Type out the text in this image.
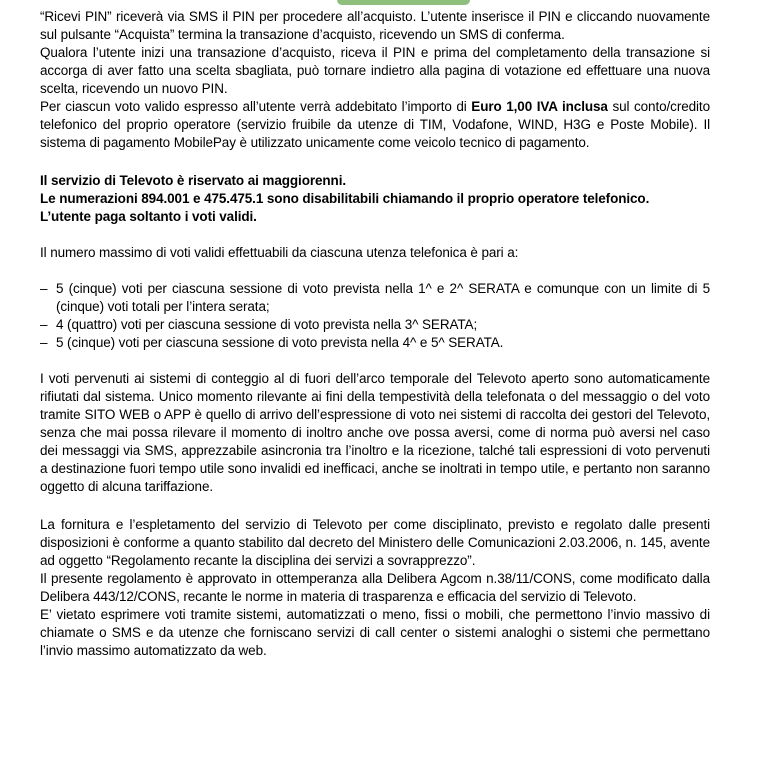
“Ricevi PIN” riceverà via SMS il PIN per procedere all’acquisto. L’utente inserisce il PIN e cliccando nuovamente sul pulsante “Acquista” termina la transazione d’acquisto, ricevendo un SMS di conferma.

Qualora l’utente inizi una transazione d’acquisto, riceva il PIN e prima del completamento della transazione si accorga di aver fatto una scelta sbagliata, può tornare indietro alla pagina di votazione ed effettuare una nuova scelta, ricevendo un nuovo PIN.

Per ciascun voto valido espresso all’utente verrà addebitato l’importo di Euro 1,00 IVA inclusa sul conto/credito telefonico del proprio operatore (servizio fruibile da utenze di TIM, Vodafone, WIND, H3G e Poste Mobile). Il sistema di pagamento MobilePay è utilizzato unicamente come veicolo tecnico di pagamento.

Il servizio di Televoto è riservato ai maggiorenni.

Le numerazioni 894.001 e 475.475.1 sono disabilitabili chiamando il proprio operatore telefonico.

L’utente paga soltanto i voti validi.

Il numero massimo di voti validi effettuabili da ciascuna utenza telefonica è pari a:

– 5 (cinque) voti per ciascuna sessione di voto prevista nella 1^ e 2^ SERATA e comunque con un limite di 5 (cinque) voti totali per l’intera serata;
– 4 (quattro) voti per ciascuna sessione di voto prevista nella 3^ SERATA;
– 5 (cinque) voti per ciascuna sessione di voto prevista nella 4^ e 5^ SERATA.

I voti pervenuti ai sistemi di conteggio al di fuori dell’arco temporale del Televoto aperto sono automaticamente rifiutati dal sistema. Unico momento rilevante ai fini della tempestività della telefonata o del messaggio o del voto tramite SITO WEB o APP è quello di arrivo dell’espressione di voto nei sistemi di raccolta dei gestori del Televoto, senza che mai possa rilevare il momento di inoltro anche ove possa aversi, come di norma può aversi nel caso dei messaggi via SMS, apprezzabile asincronia tra l’inoltro e la ricezione, talché tali espressioni di voto pervenuti a destinazione fuori tempo utile sono invalidi ed inefficaci, anche se inoltrati in tempo utile, e pertanto non saranno oggetto di alcuna tariffazione.

La fornitura e l’espletamento del servizio di Televoto per come disciplinato, previsto e regolato dalle presenti disposizioni è conforme a quanto stabilito dal decreto del Ministero delle Comunicazioni 2.03.2006, n. 145, avente ad oggetto “Regolamento recante la disciplina dei servizi a sovrapprezzo”.

Il presente regolamento è approvato in ottemperanza alla Delibera Agcom n.38/11/CONS, come modificato dalla Delibera 443/12/CONS, recante le norme in materia di trasparenza e efficacia del servizio di Televoto.

E’ vietato esprimere voti tramite sistemi, automatizzati o meno, fissi o mobili, che permettono l’invio massivo di chiamate o SMS e da utenze che forniscano servizi di call center o sistemi analoghi o sistemi che permettano l’invio massimo automatizzato da web.
